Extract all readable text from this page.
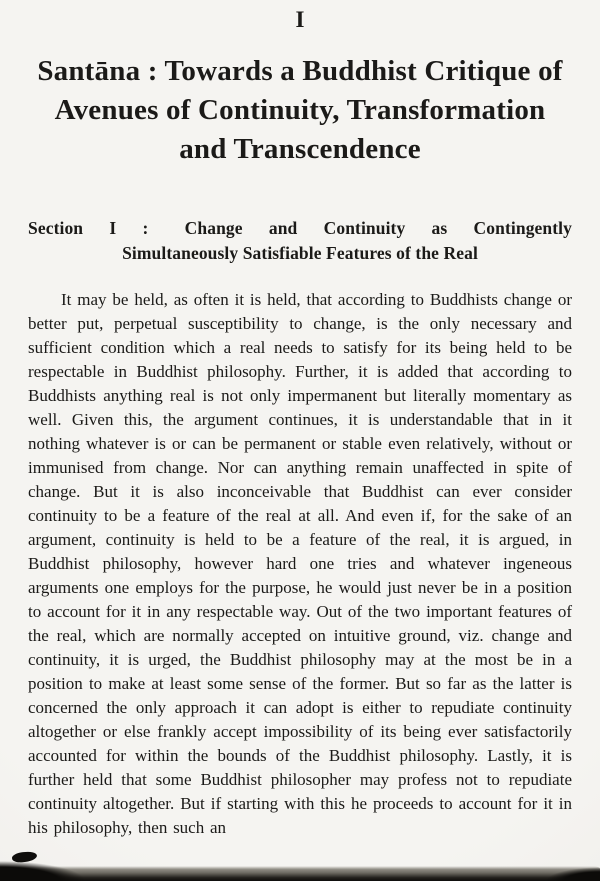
I
Santāna : Towards a Buddhist Critique of
Avenues of Continuity, Transformation
and Transcendence
Section I : Change and Continuity as Contingently
Simultaneously Satisfiable Features of the Real

It may be held, as often it is held, that according to Buddhists change or better put, perpetual susceptibility to change, is the only necessary and sufficient condition which a real needs to satisfy for its being held to be respectable in Buddhist philosophy. Further, it is added that according to Buddhists anything real is not only impermanent but literally momentary as well. Given this, the argument continues, it is understandable that in it nothing whatever is or can be permanent or stable even relatively, without or immunised from change. Nor can anything remain unaffected in spite of change. But it is also inconceivable that Buddhist can ever consider continuity to be a feature of the real at all. And even if, for the sake of an argument, continuity is held to be a feature of the real, it is argued, in Buddhist philosophy, however hard one tries and whatever ingeneous arguments one employs for the purpose, he would just never be in a position to account for it in any respectable way. Out of the two important features of the real, which are normally accepted on intuitive ground, viz. change and continuity, it is urged, the Buddhist philosophy may at the most be in a position to make at least some sense of the former. But so far as the latter is concerned the only approach it can adopt is either to repudiate continuity altogether or else frankly accept impossibility of its being ever satisfactorily accounted for within the bounds of the Buddhist philosophy. Lastly, it is further held that some Buddhist philosopher may profess not to repudiate continuity altogether. But if starting with this he proceeds to account for it in his philosophy, then such an
